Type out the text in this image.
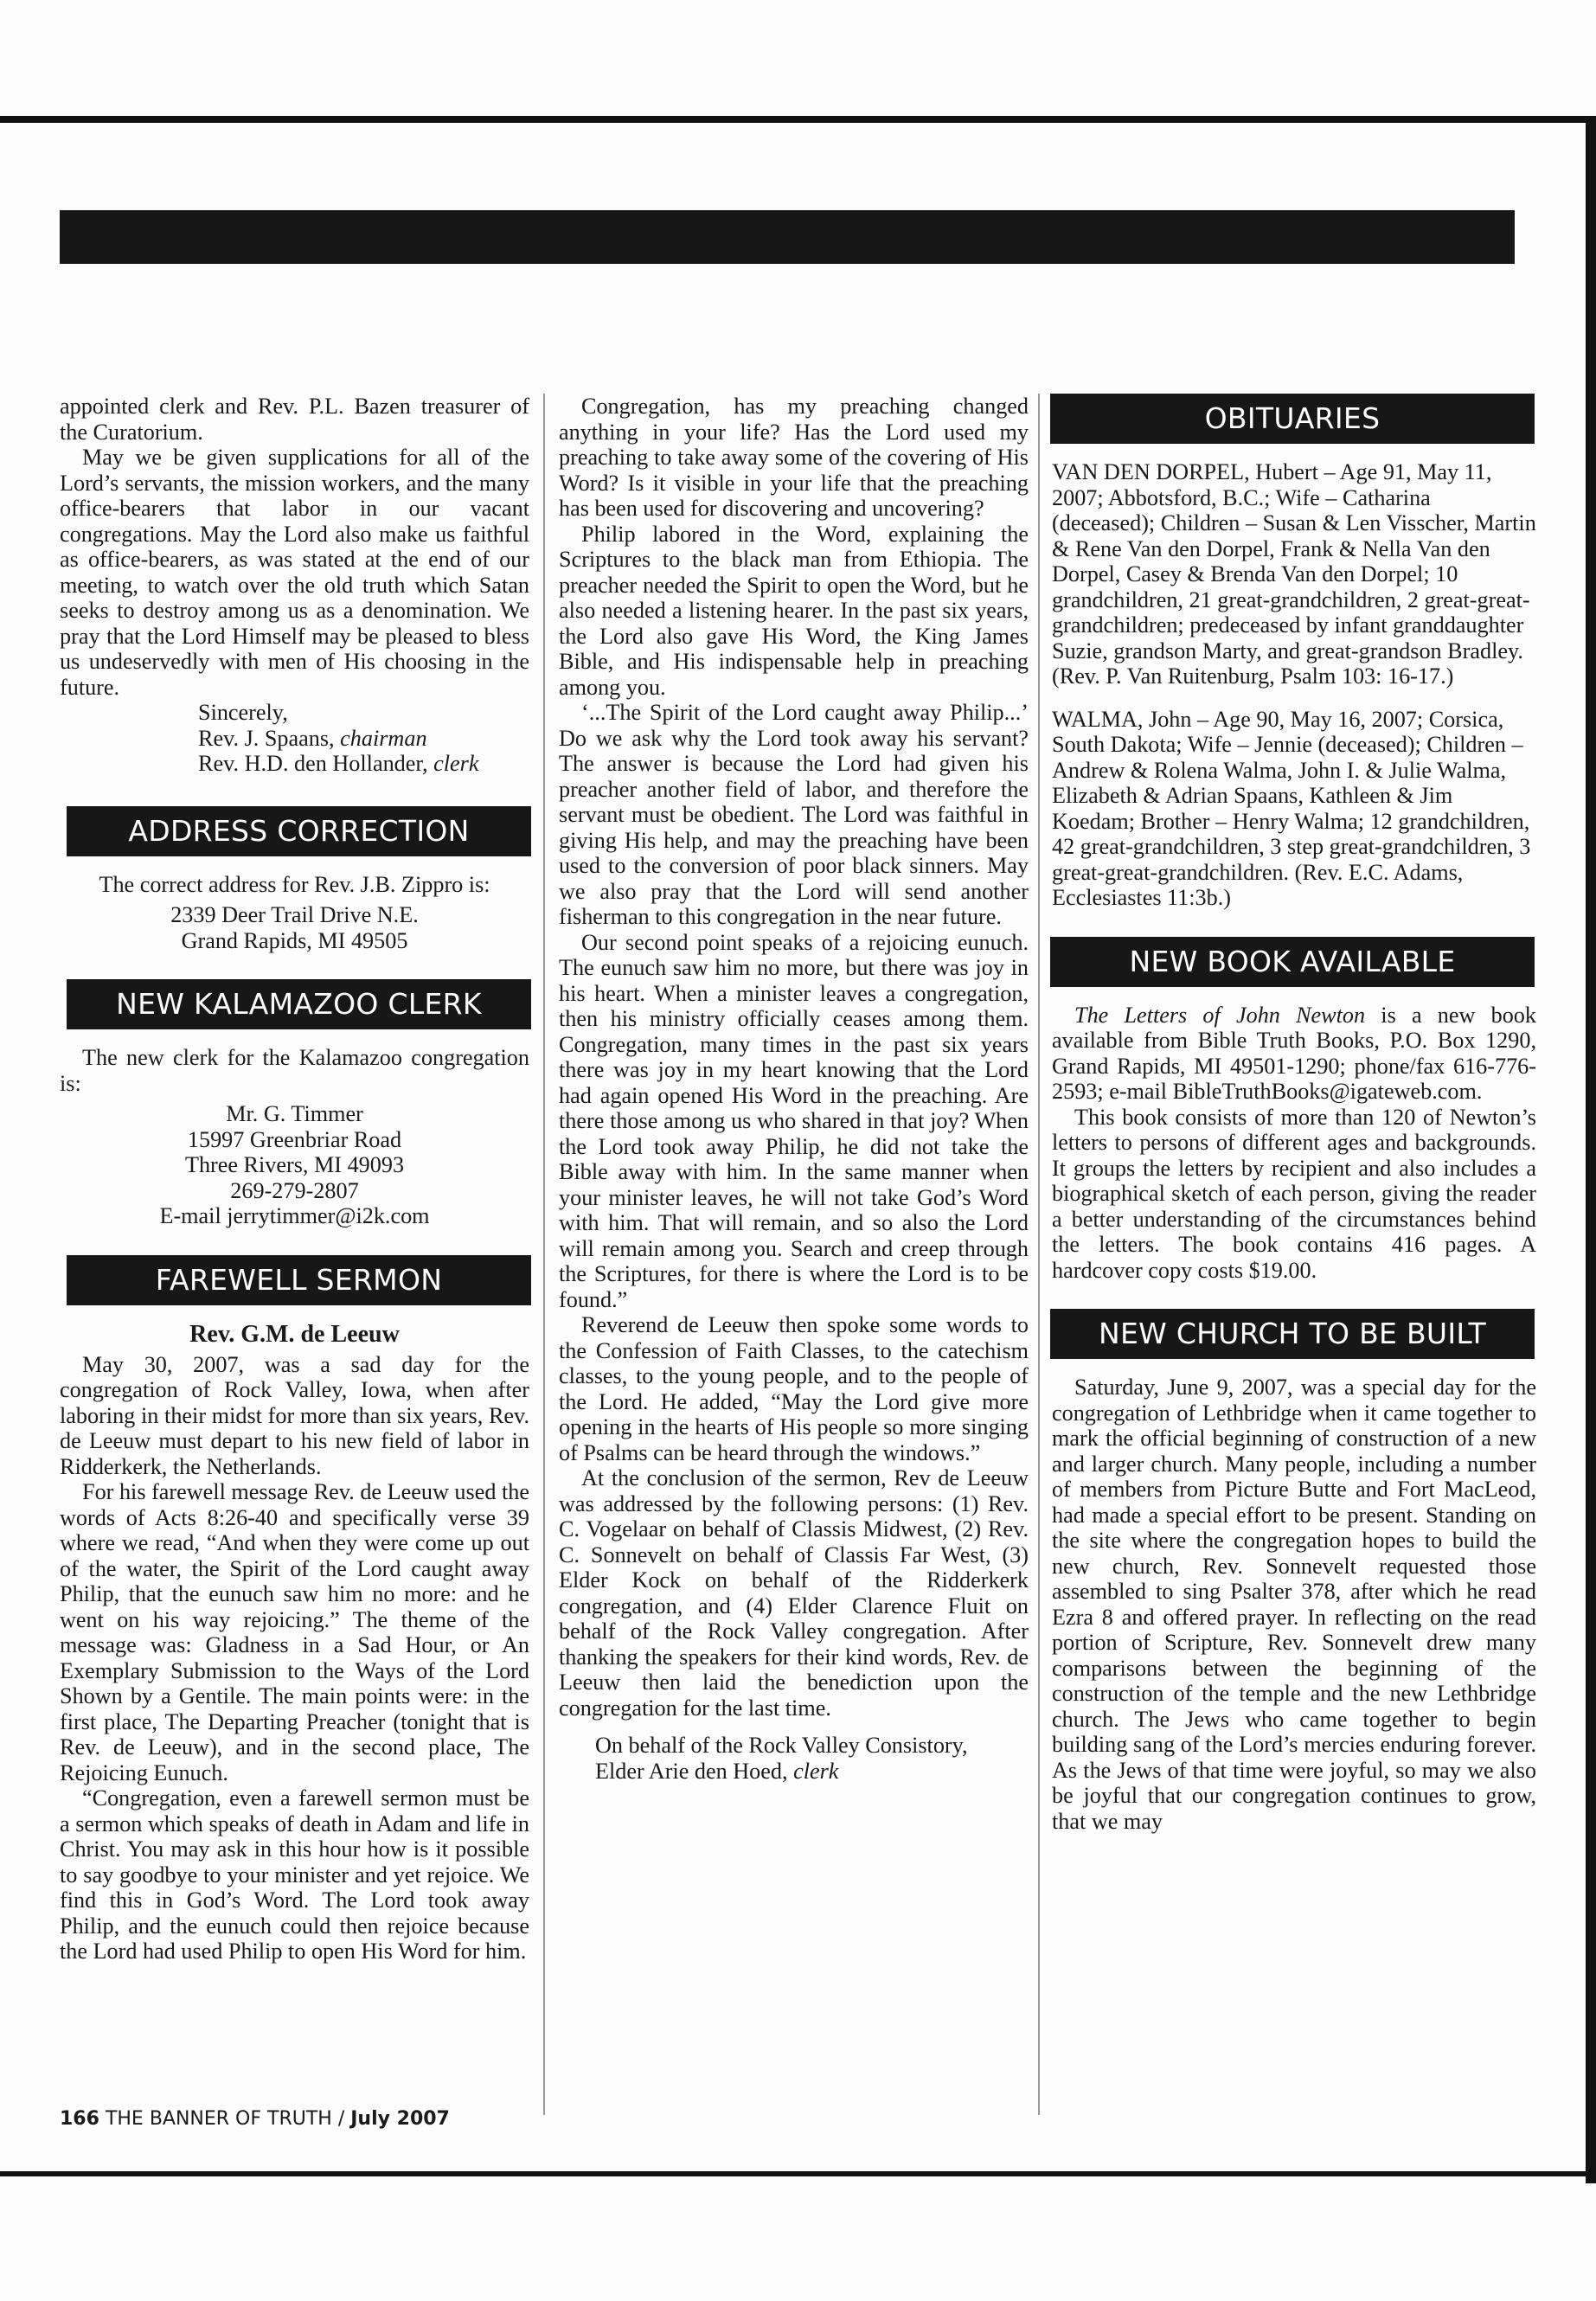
appointed clerk and Rev. P.L. Bazen treasurer of the Curatorium.

May we be given supplications for all of the Lord’s servants, the mission workers, and the many office-bearers that labor in our vacant congregations. May the Lord also make us faithful as office-bearers, as was stated at the end of our meeting, to watch over the old truth which Satan seeks to destroy among us as a denomination. We pray that the Lord Himself may be pleased to bless us undeservedly with men of His choosing in the future.

Sincerely,

Rev. J. Spaans, chairman

Rev. H.D. den Hollander, clerk

ADDRESS CORRECTION

The correct address for Rev. J.B. Zippro is:

2339 Deer Trail Drive N.E.
Grand Rapids, MI 49505
NEW KALAMAZOO CLERK

The new clerk for the Kalamazoo congregation is:

Mr. G. Timmer
15997 Greenbriar Road
Three Rivers, MI 49093
269-279-2807
E-mail jerrytimmer@i2k.com
FAREWELL SERMON
Rev. G.M. de Leeuw

May 30, 2007, was a sad day for the congregation of Rock Valley, Iowa, when after laboring in their midst for more than six years, Rev. de Leeuw must depart to his new field of labor in Ridderkerk, the Netherlands.

For his farewell message Rev. de Leeuw used the words of Acts 8:26-40 and specifically verse 39 where we read, “And when they were come up out of the water, the Spirit of the Lord caught away Philip, that the eunuch saw him no more: and he went on his way rejoicing.” The theme of the message was: Gladness in a Sad Hour, or An Exemplary Submission to the Ways of the Lord Shown by a Gentile. The main points were: in the first place, The Departing Preacher (tonight that is Rev. de Leeuw), and in the second place, The Rejoicing Eunuch.

“Congregation, even a farewell sermon must be a sermon which speaks of death in Adam and life in Christ. You may ask in this hour how is it possible to say goodbye to your minister and yet rejoice. We find this in God’s Word. The Lord took away Philip, and the eunuch could then rejoice because the Lord had used Philip to open His Word for him.

Congregation, has my preaching changed anything in your life? Has the Lord used my preaching to take away some of the covering of His Word? Is it visible in your life that the preaching has been used for discovering and uncovering?

Philip labored in the Word, explaining the Scriptures to the black man from Ethiopia. The preacher needed the Spirit to open the Word, but he also needed a listening hearer. In the past six years, the Lord also gave His Word, the King James Bible, and His indispensable help in preaching among you.

‘...The Spirit of the Lord caught away Philip...’ Do we ask why the Lord took away his servant? The answer is because the Lord had given his preacher another field of labor, and therefore the servant must be obedient. The Lord was faithful in giving His help, and may the preaching have been used to the conversion of poor black sinners. May we also pray that the Lord will send another fisherman to this congregation in the near future.

Our second point speaks of a rejoicing eunuch. The eunuch saw him no more, but there was joy in his heart. When a minister leaves a congregation, then his ministry officially ceases among them. Congregation, many times in the past six years there was joy in my heart knowing that the Lord had again opened His Word in the preaching. Are there those among us who shared in that joy? When the Lord took away Philip, he did not take the Bible away with him. In the same manner when your minister leaves, he will not take God’s Word with him. That will remain, and so also the Lord will remain among you. Search and creep through the Scriptures, for there is where the Lord is to be found.”

Reverend de Leeuw then spoke some words to the Confession of Faith Classes, to the catechism classes, to the young people, and to the people of the Lord. He added, “May the Lord give more opening in the hearts of His people so more singing of Psalms can be heard through the windows.”

At the conclusion of the sermon, Rev de Leeuw was addressed by the following persons: (1) Rev. C. Vogelaar on behalf of Classis Midwest, (2) Rev. C. Sonnevelt on behalf of Classis Far West, (3) Elder Kock on behalf of the Ridderkerk congregation, and (4) Elder Clarence Fluit on behalf of the Rock Valley congregation. After thanking the speakers for their kind words, Rev. de Leeuw then laid the benediction upon the congregation for the last time.

On behalf of the Rock Valley Consistory,

Elder Arie den Hoed, clerk

OBITUARIES

VAN DEN DORPEL, Hubert – Age 91, May 11, 2007; Abbotsford, B.C.; Wife – Catharina (deceased); Children – Susan & Len Visscher, Martin & Rene Van den Dorpel, Frank & Nella Van den Dorpel, Casey & Brenda Van den Dorpel; 10 grandchildren, 21 great-grandchildren, 2 great-great-grandchildren; predeceased by infant granddaughter Suzie, grandson Marty, and great-grandson Bradley. (Rev. P. Van Ruitenburg, Psalm 103: 16-17.)

WALMA, John – Age 90, May 16, 2007; Corsica, South Dakota; Wife – Jennie (deceased); Children – Andrew & Rolena Walma, John I. & Julie Walma, Elizabeth & Adrian Spaans, Kathleen & Jim Koedam; Brother – Henry Walma; 12 grandchildren, 42 great-grandchildren, 3 step great-grandchildren, 3 great-great-grandchildren. (Rev. E.C. Adams, Ecclesiastes 11:3b.)

NEW BOOK AVAILABLE

The Letters of John Newton is a new book available from Bible Truth Books, P.O. Box 1290, Grand Rapids, MI 49501-1290; phone/fax 616-776-2593; e-mail BibleTruthBooks@igateweb.com.

This book consists of more than 120 of Newton’s letters to persons of different ages and backgrounds. It groups the letters by recipient and also includes a biographical sketch of each person, giving the reader a better understanding of the circumstances behind the letters. The book contains 416 pages. A hardcover copy costs $19.00.

NEW CHURCH TO BE BUILT

Saturday, June 9, 2007, was a special day for the congregation of Lethbridge when it came together to mark the official beginning of construction of a new and larger church. Many people, including a number of members from Picture Butte and Fort MacLeod, had made a special effort to be present. Standing on the site where the congregation hopes to build the new church, Rev. Sonnevelt requested those assembled to sing Psalter 378, after which he read Ezra 8 and offered prayer. In reflecting on the read portion of Scripture, Rev. Sonnevelt drew many comparisons between the beginning of the construction of the temple and the new Lethbridge church. The Jews who came together to begin building sang of the Lord’s mercies enduring forever. As the Jews of that time were joyful, so may we also be joyful that our congregation continues to grow, that we may

166 THE BANNER OF TRUTH / July 2007
